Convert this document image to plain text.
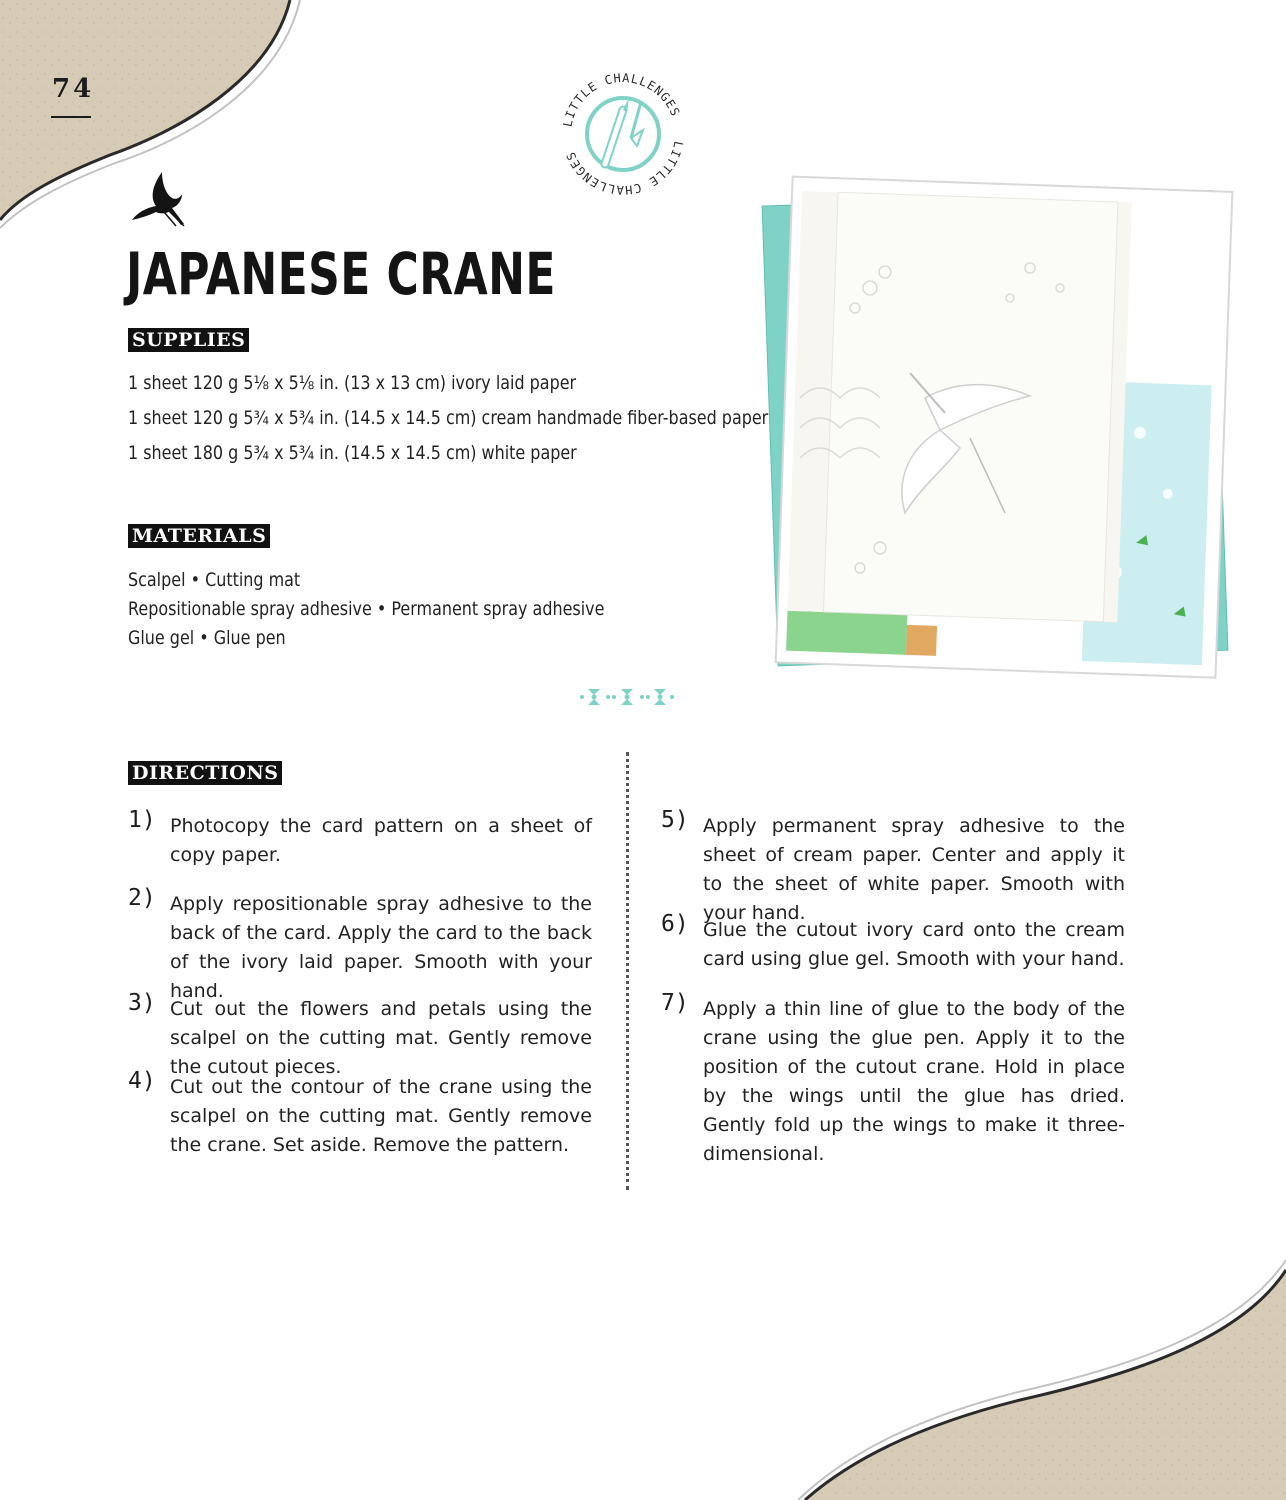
74
LITTLE CHALLENGES
LITTLE CHALLENGES
JAPANESE CRANE
SUPPLIES
1 sheet 120 g 5⅛ x 5⅛ in. (13 x 13 cm) ivory laid paper
1 sheet 120 g 5¾ x 5¾ in. (14.5 x 14.5 cm) cream handmade fiber-based paper
1 sheet 180 g 5¾ x 5¾ in. (14.5 x 14.5 cm) white paper
MATERIALS
Scalpel • Cutting mat
Repositionable spray adhesive • Permanent spray adhesive
Glue gel • Glue pen
DIRECTIONS
1) Photocopy the card pattern on a sheet of copy paper.
2) Apply repositionable spray adhesive to the back of the card. Apply the card to the back of the ivory laid paper. Smooth with your hand.
3) Cut out the flowers and petals using the scalpel on the cutting mat. Gently remove the cutout pieces.
4) Cut out the contour of the crane using the scalpel on the cutting mat. Gently remove the crane. Set aside. Remove the pattern.
5) Apply permanent spray adhesive to the sheet of cream paper. Center and apply it to the sheet of white paper. Smooth with your hand.
6) Glue the cutout ivory card onto the cream card using glue gel. Smooth with your hand.
7) Apply a thin line of glue to the body of the crane using the glue pen. Apply it to the position of the cutout crane. Hold in place by the wings until the glue has dried. Gently fold up the wings to make it three-dimensional.
